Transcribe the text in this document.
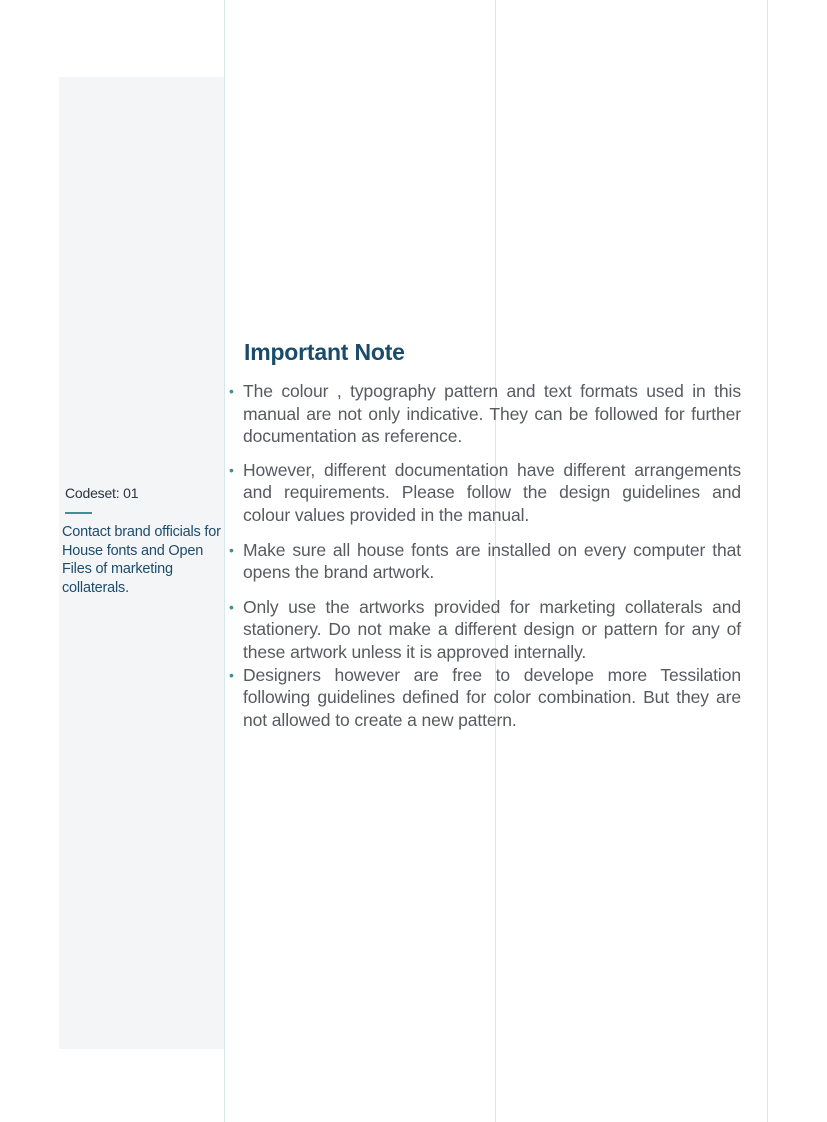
Codeset: 01
Contact brand officials for House fonts and Open Files of marketing collaterals.
Important Note
• The colour , typography pattern and text formats used in this manual are not only indicative. They can be followed for further documentation as reference.
• However, different documentation have different arrangements and requirements. Please follow the design guidelines and colour values provided in the manual.
• Make sure all house fonts are installed on every computer that opens the brand artwork.
• Only use the artworks provided for marketing collaterals and stationery. Do not make a different design or pattern for any of these artwork unless it is approved internally.
• Designers however are free to develope more Tessilation following guidelines defined for color combination. But they are not allowed to create a new pattern.
